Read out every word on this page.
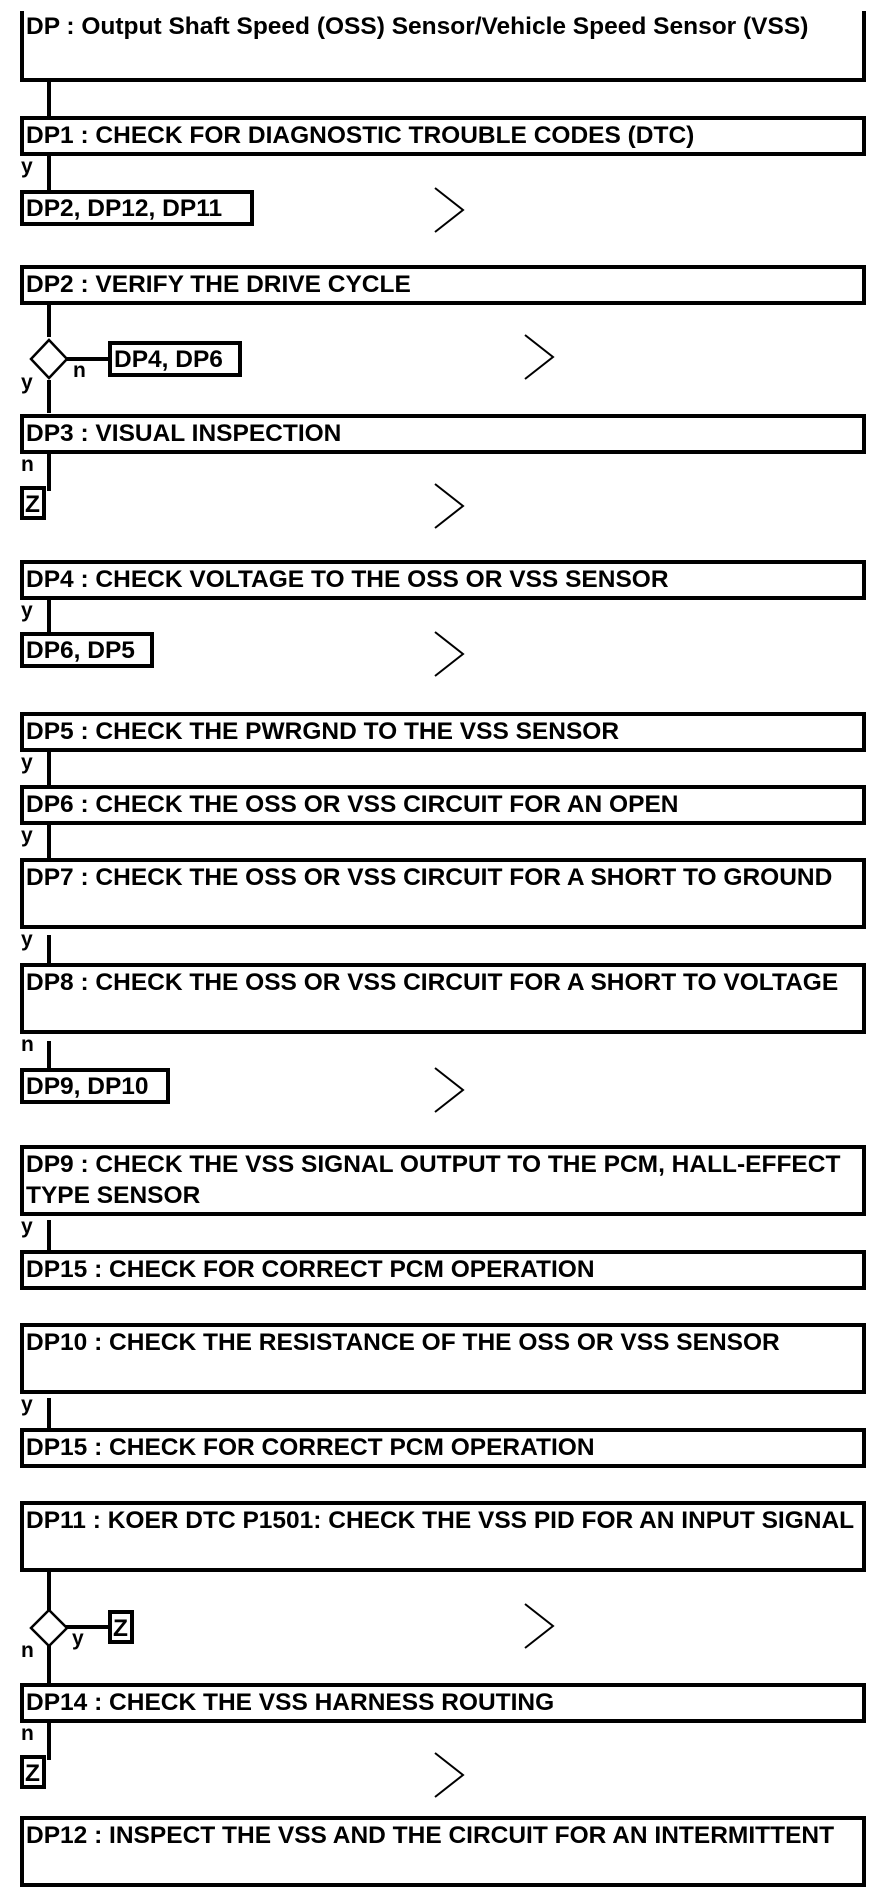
DP : Output Shaft Speed (OSS) Sensor/Vehicle Speed Sensor (VSS)
DP1 : CHECK FOR DIAGNOSTIC TROUBLE CODES (DTC)
y
DP2, DP12, DP11
DP2 : VERIFY THE DRIVE CYCLE
DP4, DP6
n
y
DP3 : VISUAL INSPECTION
n
Z
DP4 : CHECK VOLTAGE TO THE OSS OR VSS SENSOR
y
DP6, DP5
DP5 : CHECK THE PWRGND TO THE VSS SENSOR
y
DP6 : CHECK THE OSS OR VSS CIRCUIT FOR AN OPEN
y
DP7 : CHECK THE OSS OR VSS CIRCUIT FOR A SHORT TO GROUND
y
DP8 : CHECK THE OSS OR VSS CIRCUIT FOR A SHORT TO VOLTAGE
n
DP9, DP10
DP9 : CHECK THE VSS SIGNAL OUTPUT TO THE PCM, HALL-EFFECT TYPE SENSOR
y
DP15 : CHECK FOR CORRECT PCM OPERATION
DP10 : CHECK THE RESISTANCE OF THE OSS OR VSS SENSOR
y
DP15 : CHECK FOR CORRECT PCM OPERATION
DP11 : KOER DTC P1501: CHECK THE VSS PID FOR AN INPUT SIGNAL
Z
y
n
DP14 : CHECK THE VSS HARNESS ROUTING
n
Z
DP12 : INSPECT THE VSS AND THE CIRCUIT FOR AN INTERMITTENT
